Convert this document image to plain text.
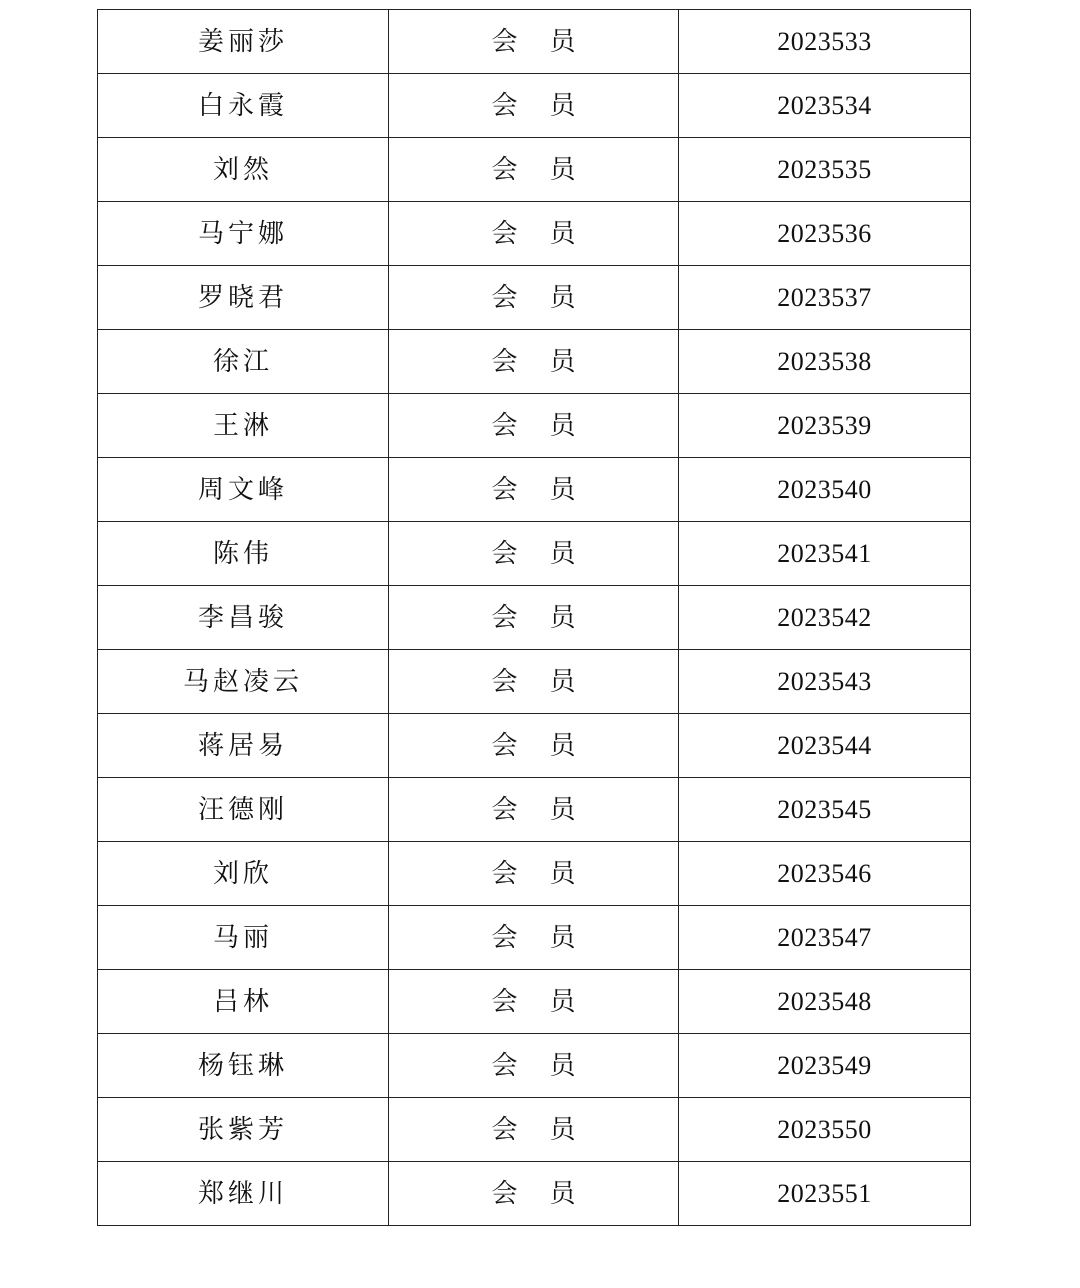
姜丽莎	会员	2023533
白永霞	会员	2023534
刘然	会员	2023535
马宁娜	会员	2023536
罗晓君	会员	2023537
徐江	会员	2023538
王淋	会员	2023539
周文峰	会员	2023540
陈伟	会员	2023541
李昌骏	会员	2023542
马赵凌云	会员	2023543
蒋居易	会员	2023544
汪德刚	会员	2023545
刘欣	会员	2023546
马丽	会员	2023547
吕林	会员	2023548
杨钰琳	会员	2023549
张紫芳	会员	2023550
郑继川	会员	2023551
